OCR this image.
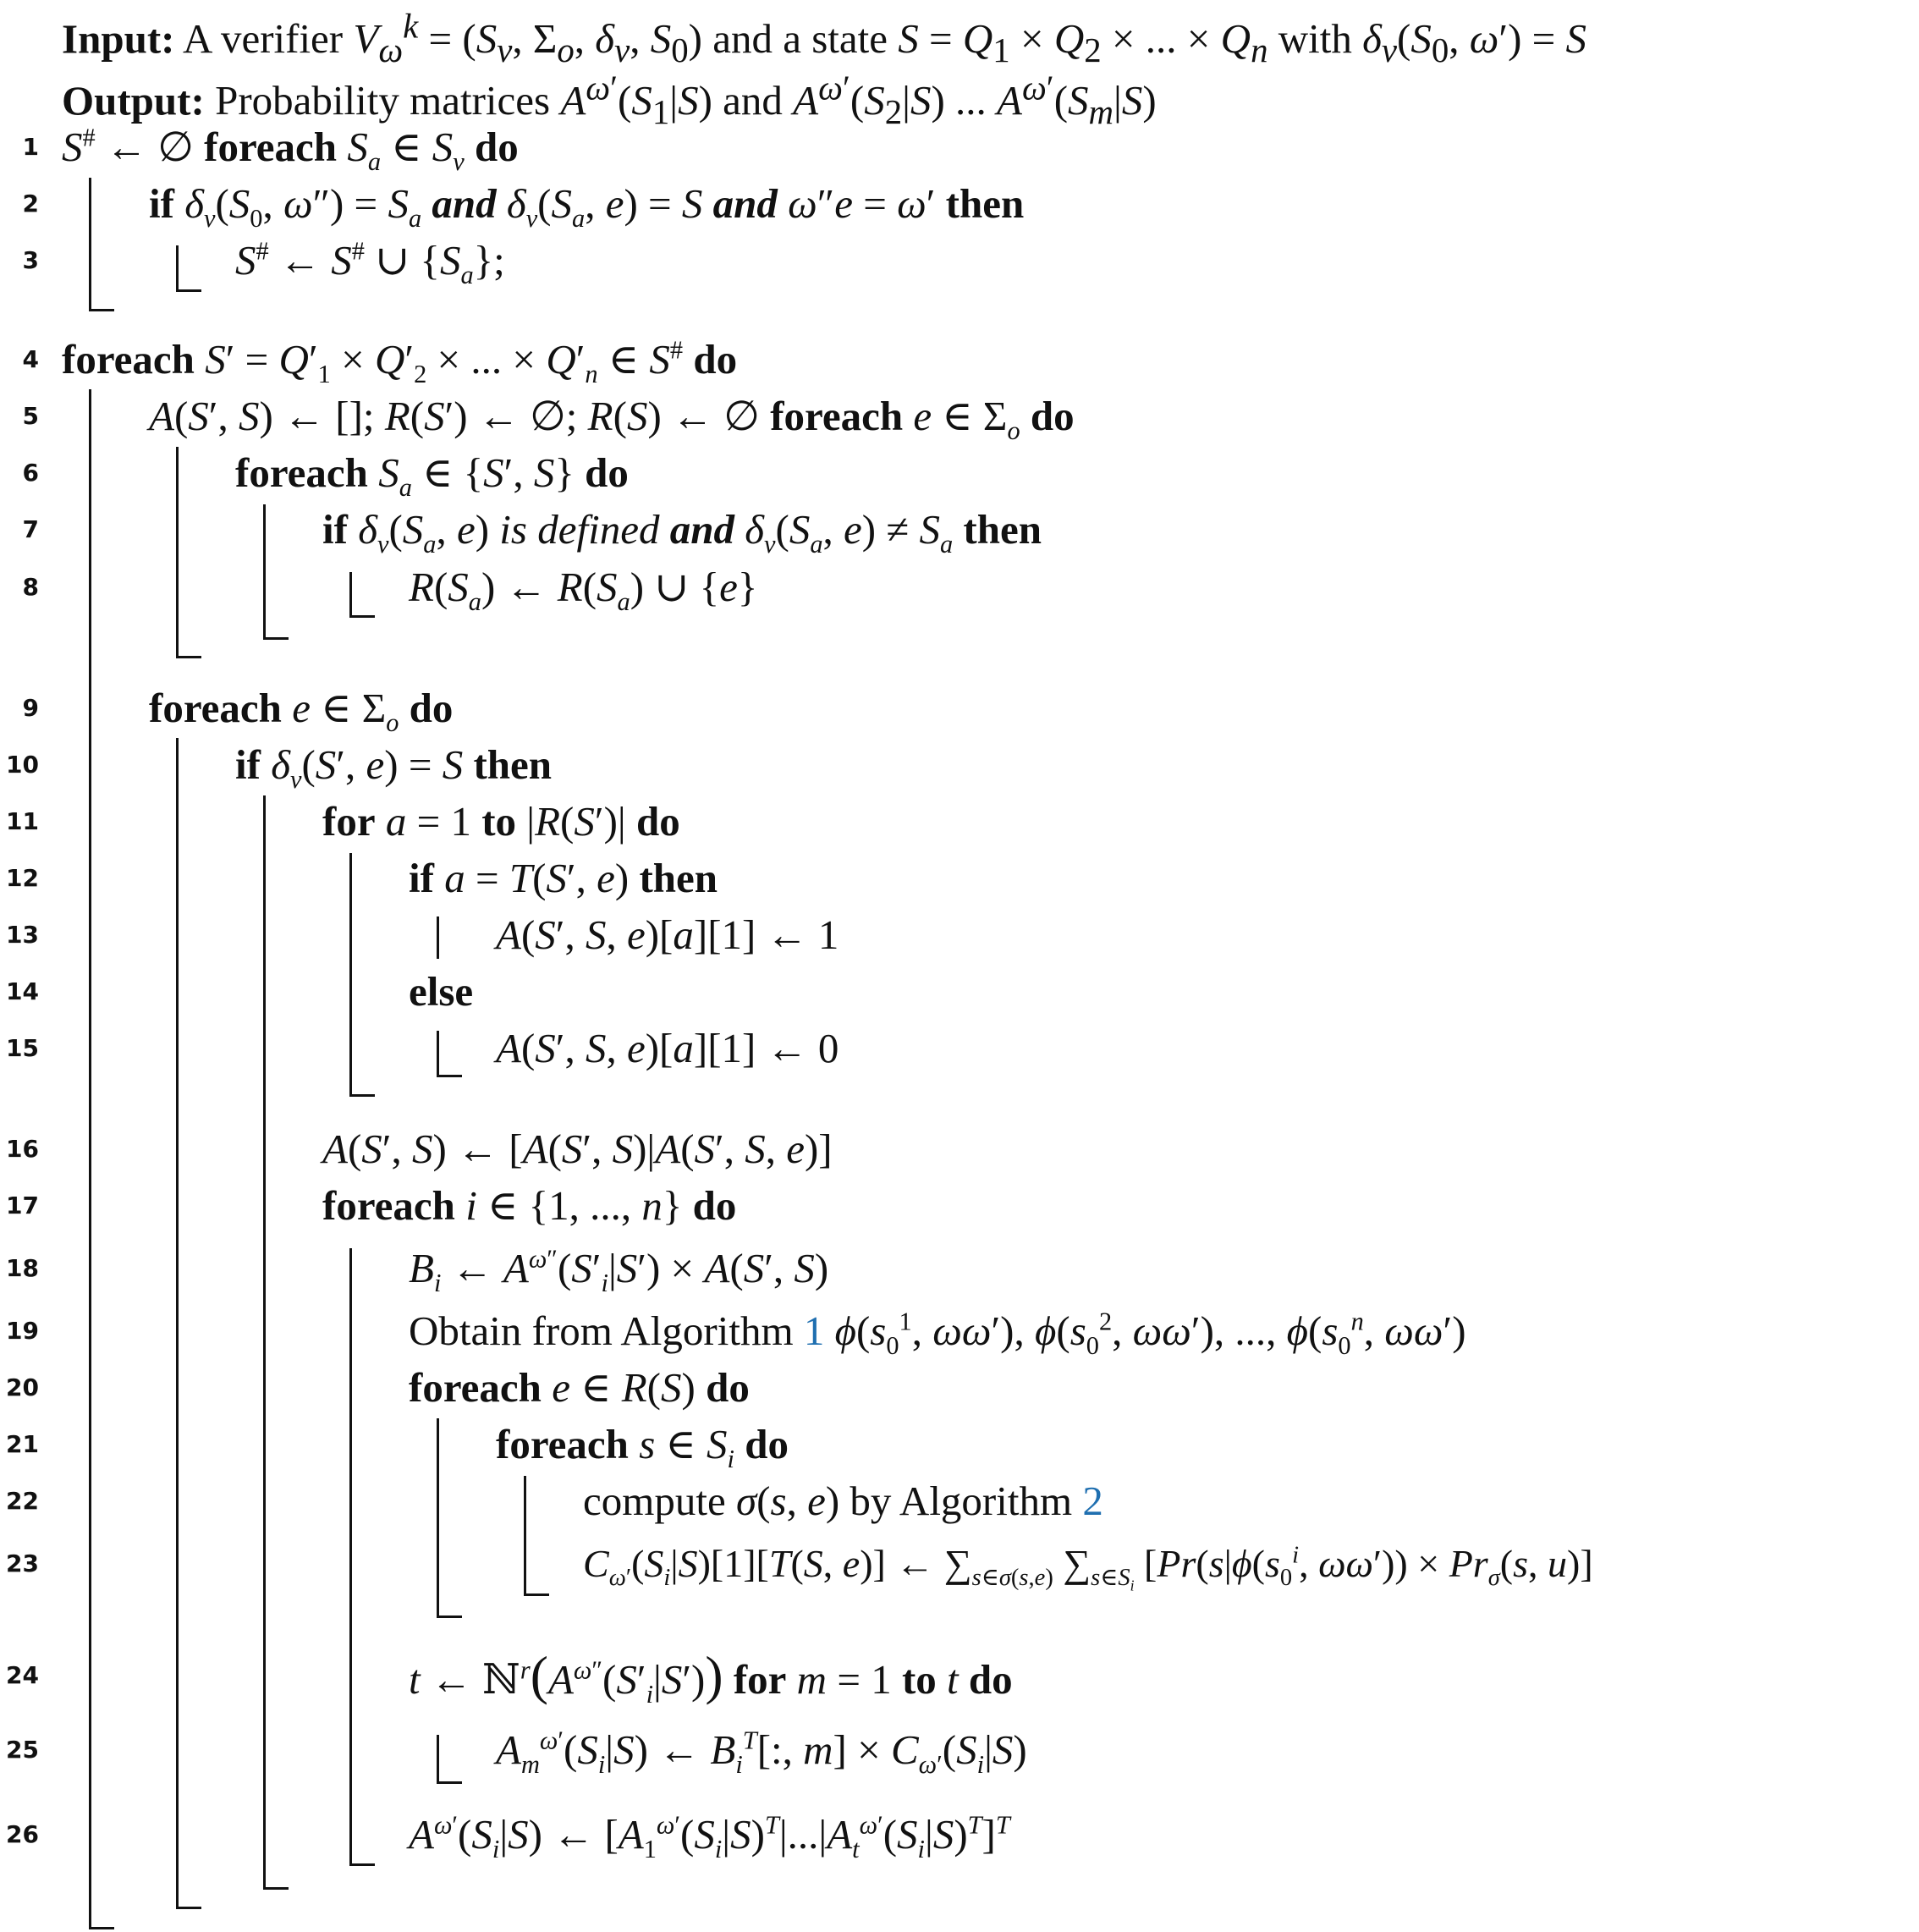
Input: A verifier $V_\omega^k = (S_v$, $\Sigma_o$, $\delta_v$, $S_0$) and a state $S = Q_1 \times Q_2$ × ... × $Q_n$ with $\delta_v(S_0$, ω′) = S
Output: Probability matrices $A^{\omega'}(S_1|S)$ and $A^{\omega'}(S_2|S)$ ... $A^{\omega'}(S_m|S)$
1 S# ← ∅ foreach $S_a$ ∈ $S_v$ do
2	if $\delta_v(S_0$, $\omega'') = S_a$ and $\delta_v(S_a$, e) = S and ω″e = ω′ then
3	S# ← S# ∪ $\{S_a\}$;
4 foreach $S' = Q'_1 \times Q'_2$ × ... × $Q'_n$ ∈ S# do
5	A(S′, S) ← []; R(S′) ← ∅; R(S) ← ∅ foreach e ∈ $\Sigma_o$ do
6	foreach $S_a$ ∈ {S′, S} do
7	if $\delta_v(S_a$, e) is defined and $\delta_v(S_a$, $e) \ne S_a$ then
8	$R(S_a)$ ← $R(S_a)$ ∪ {e}
9	foreach e ∈ $\Sigma_o$ do
10	if $\delta_v(S'$, e) = S then
11	for a = 1 to |R(S′)| do
12	if a = T(S′, e) then
13	A(S′, S, e)[a][1] ← 1
14	else
15	A(S′, S, e)[a][1] ← 0
16	A(S′, S) ← [A(S′, S)|A(S′, S, e)]
17	foreach i ∈ {1, ..., n} do
18	$B_i$ ← $A^{\omega''}(S'_i|S') \times A(S'$, S)
19	Obtain from Algorithm 1 $\phi(s_0^1$, ωω′), $\phi(s_0^2$, ωω′), ..., $\phi(s_0^n$, ωω′)
20	foreach e ∈ R(S) do
21	foreach s ∈ $S_i$ do
22	compute σ(s, e) by Algorithm 2
23	$C_{\omega'}(S_i|S)[1][T(S$, e)] ← $\sum_{s\in\sigma(s,e)}$ $\sum_{s\in S_i}$ [$Pr(s|\phi(s_0^i$, $\omega\omega')) \times Pr_\sigma(s$, u)]
24	t ← $ℕ^r(A^{\omega''}(S'_i|S'))$ for m = 1 to t do
25	$A_m^{\omega'}(S_i|S)$ ← $B_i^T$[:, $m] \times C_{\omega'}(S_i|S)$
26	$A^{\omega'}(S_i|S)$ ← $[A_1^{\omega'}(S_i|S)^T|...|A_t^{\omega'}(S_i|S)^T]^T$
